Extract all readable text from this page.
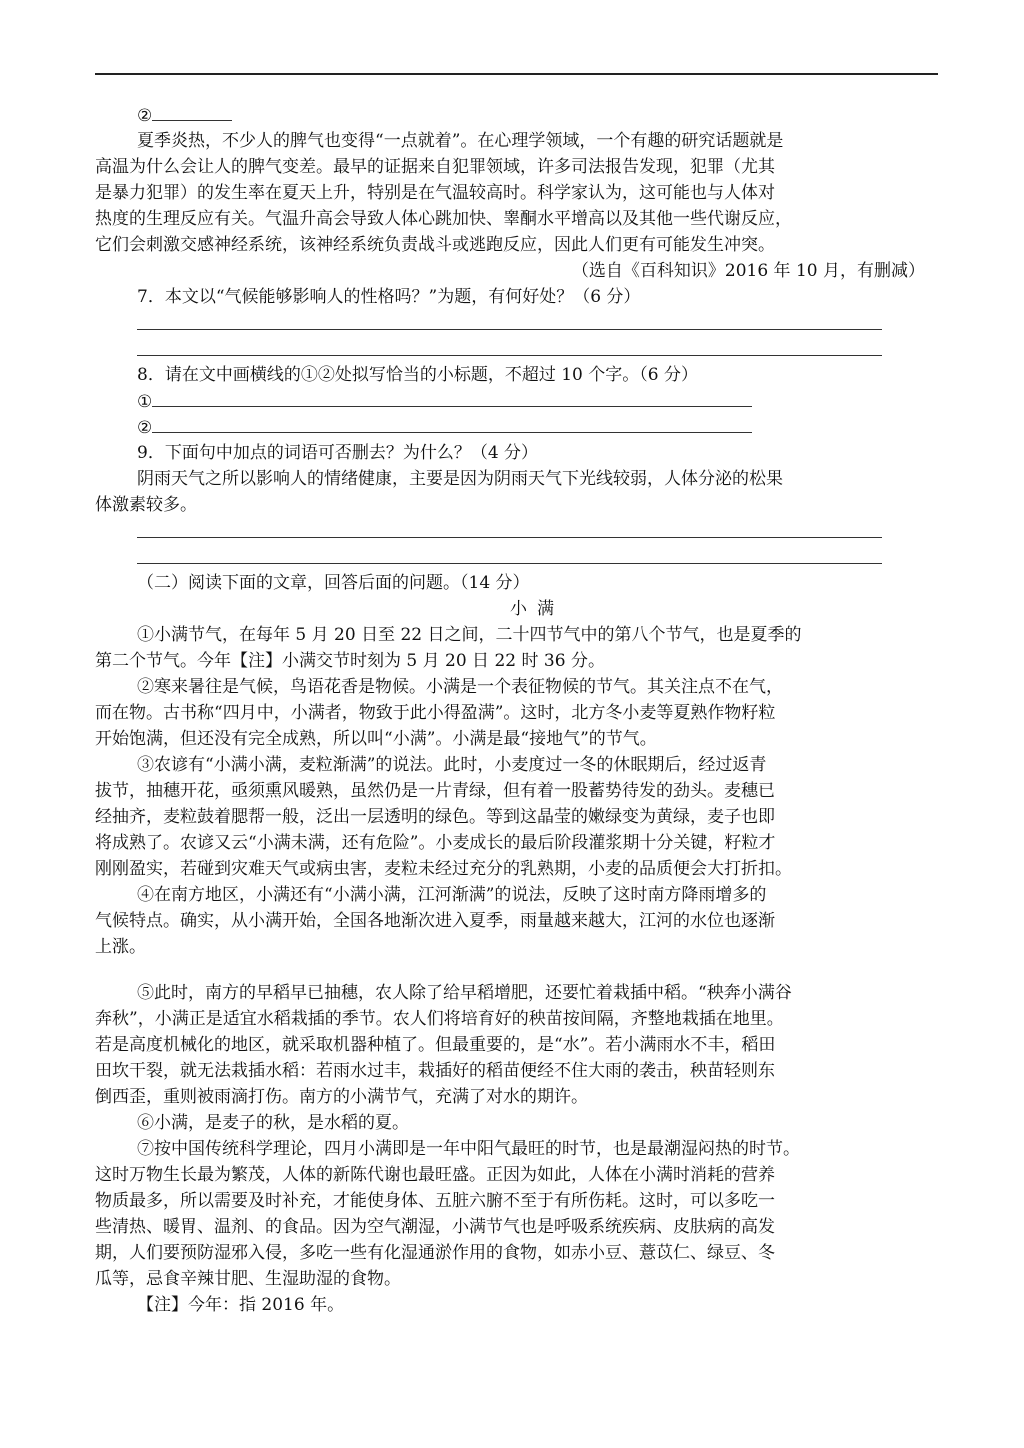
②
夏季炎热，不少人的脾气也变得“一点就着”。在心理学领域，一个有趣的研究话题就是
高温为什么会让人的脾气变差。最早的证据来自犯罪领域，许多司法报告发现，犯罪（尤其
是暴力犯罪）的发生率在夏天上升，特别是在气温较高时。科学家认为，这可能也与人体对
热度的生理反应有关。气温升高会导致人体心跳加快、睾酮水平增高以及其他一些代谢反应，
它们会刺激交感神经系统，该神经系统负责战斗或逃跑反应，因此人们更有可能发生冲突。
（选自《百科知识》2016 年 10 月，有删减）
7．本文以“气候能够影响人的性格吗？”为题，有何好处？（6 分）
8．请在文中画横线的①②处拟写恰当的小标题，不超过 10 个字。（6 分）
①
②
9．下面句中加点的词语可否删去？为什么？（4 分）
阴雨天气之所以影响人的情绪健康，主要是因为阴雨天气下光线较弱，人体分泌的松果
体激素较多。
（二）阅读下面的文章，回答后面的问题。（14 分）
小满
①小满节气，在每年 5 月 20 日至 22 日之间，二十四节气中的第八个节气，也是夏季的
第二个节气。今年【注】小满交节时刻为 5 月 20 日 22 时 36 分。
②寒来暑往是气候，鸟语花香是物候。小满是一个表征物候的节气。其关注点不在气，
而在物。古书称“四月中，小满者，物致于此小得盈满”。这时，北方冬小麦等夏熟作物籽粒
开始饱满，但还没有完全成熟，所以叫“小满”。小满是最“接地气”的节气。
③农谚有“小满小满，麦粒渐满”的说法。此时，小麦度过一冬的休眠期后，经过返青
拔节，抽穗开花，亟须熏风暖熟，虽然仍是一片青绿，但有着一股蓄势待发的劲头。麦穗已
经抽齐，麦粒鼓着腮帮一般，泛出一层透明的绿色。等到这晶莹的嫩绿变为黄绿，麦子也即
将成熟了。农谚又云“小满未满，还有危险”。小麦成长的最后阶段灌浆期十分关键，籽粒才
刚刚盈实，若碰到灾难天气或病虫害，麦粒未经过充分的乳熟期，小麦的品质便会大打折扣。
④在南方地区，小满还有“小满小满，江河渐满”的说法，反映了这时南方降雨增多的
气候特点。确实，从小满开始，全国各地渐次进入夏季，雨量越来越大，江河的水位也逐渐
上涨。
⑤此时，南方的早稻早已抽穗，农人除了给早稻增肥，还要忙着栽插中稻。“秧奔小满谷
奔秋”，小满正是适宜水稻栽插的季节。农人们将培育好的秧苗按间隔，齐整地栽插在地里。
若是高度机械化的地区，就采取机器种植了。但最重要的，是“水”。若小满雨水不丰，稻田
田坎干裂，就无法栽插水稻：若雨水过丰，栽插好的稻苗便经不住大雨的袭击，秧苗轻则东
倒西歪，重则被雨滴打伤。南方的小满节气，充满了对水的期许。
⑥小满，是麦子的秋，是水稻的夏。
⑦按中国传统科学理论，四月小满即是一年中阳气最旺的时节，也是最潮湿闷热的时节。
这时万物生长最为繁茂，人体的新陈代谢也最旺盛。正因为如此，人体在小满时消耗的营养
物质最多，所以需要及时补充，才能使身体、五脏六腑不至于有所伤耗。这时，可以多吃一
些清热、暖胃、温剂、的食品。因为空气潮湿，小满节气也是呼吸系统疾病、皮肤病的高发
期，人们要预防湿邪入侵，多吃一些有化湿通淤作用的食物，如赤小豆、薏苡仁、绿豆、冬
瓜等，忌食辛辣甘肥、生湿助湿的食物。
【注】今年：指 2016 年。
